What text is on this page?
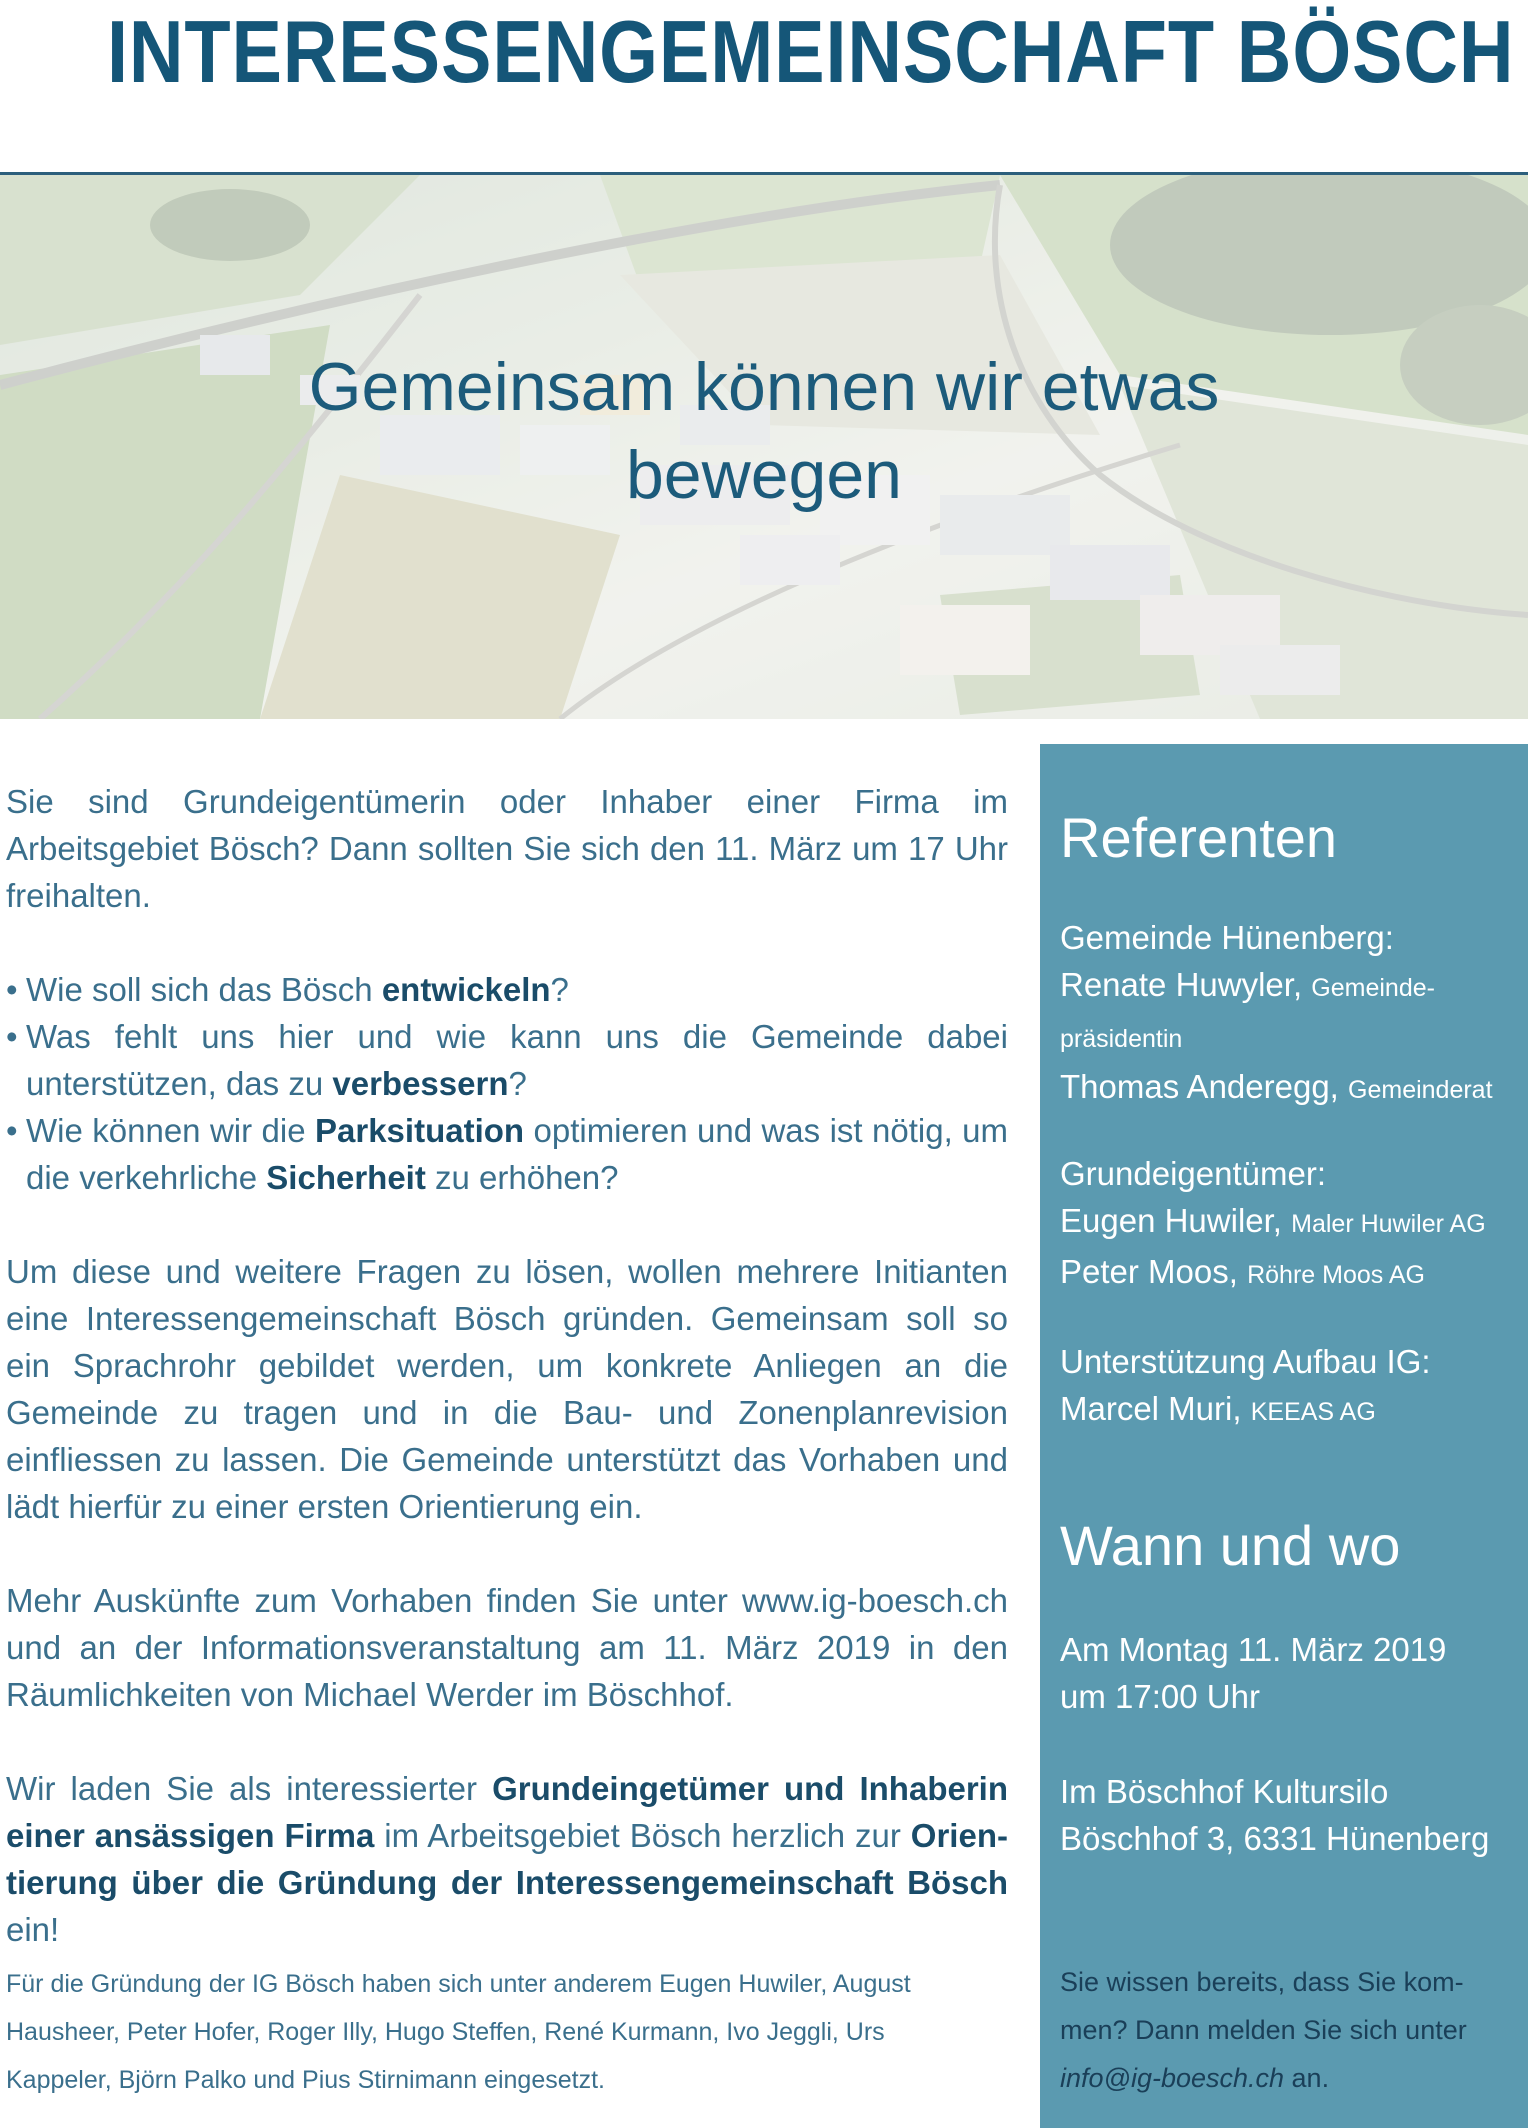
INTERESSENGEMEINSCHAFT BÖSCH
Gemeinsam können wir etwas
bewegen

Sie sind Grundeigentümerin oder Inhaber einer Firma im Arbeitsgebiet Bösch? Dann sollten Sie sich den 11. März um 17 Uhr freihalten.

• Wie soll sich das Bösch entwickeln?
• Was fehlt uns hier und wie kann uns die Gemeinde dabei unterstützen, das zu verbessern?
• Wie können wir die Parksituation optimieren und was ist nötig, um die verkehrliche Sicherheit zu erhöhen?

Um diese und weitere Fragen zu lösen, wollen mehrere Initianten eine Interessengemeinschaft Bösch gründen. Gemeinsam soll so ein Sprachrohr gebildet werden, um konkrete Anliegen an die Gemeinde zu tragen und in die Bau- und Zonenplanrevision einfliessen zu lassen. Die Gemeinde unterstützt das Vorhaben und lädt hierfür zu einer ersten Orientierung ein.

Mehr Auskünfte zum Vorhaben finden Sie unter www.ig-boesch.ch und an der Informationsveranstaltung am 11. März 2019 in den Räumlichkeiten von Michael Werder im Böschhof.

Wir laden Sie als interessierter Grundeingetümer und Inhaberin einer ansässigen Firma im Arbeitsgebiet Bösch herzlich zur Orientierung über die Gründung der Interessengemeinschaft Bösch ein!

Für die Gründung der IG Bösch haben sich unter anderem Eugen Huwiler, August Hausheer, Peter Hofer, Roger Illy, Hugo Steffen, René Kurmann, Ivo Jeggli, Urs Kappeler, Björn Palko und Pius Stirnimann eingesetzt.
Referenten
Gemeinde Hünenberg:
Renate Huwyler, Gemeindepräsidentin
Thomas Anderegg, Gemeinderat
Grundeigentümer:
Eugen Huwiler, Maler Huwiler AG
Peter Moos, Röhre Moos AG
Unterstützung Aufbau IG:
Marcel Muri, KEEAS AG
Wann und wo
Am Montag 11. März 2019
um 17:00 Uhr
Im Böschhof Kultursilo
Böschhof 3, 6331 Hünenberg
Sie wissen bereits, dass Sie kommen? Dann melden Sie sich unter info@ig-boesch.ch an.
